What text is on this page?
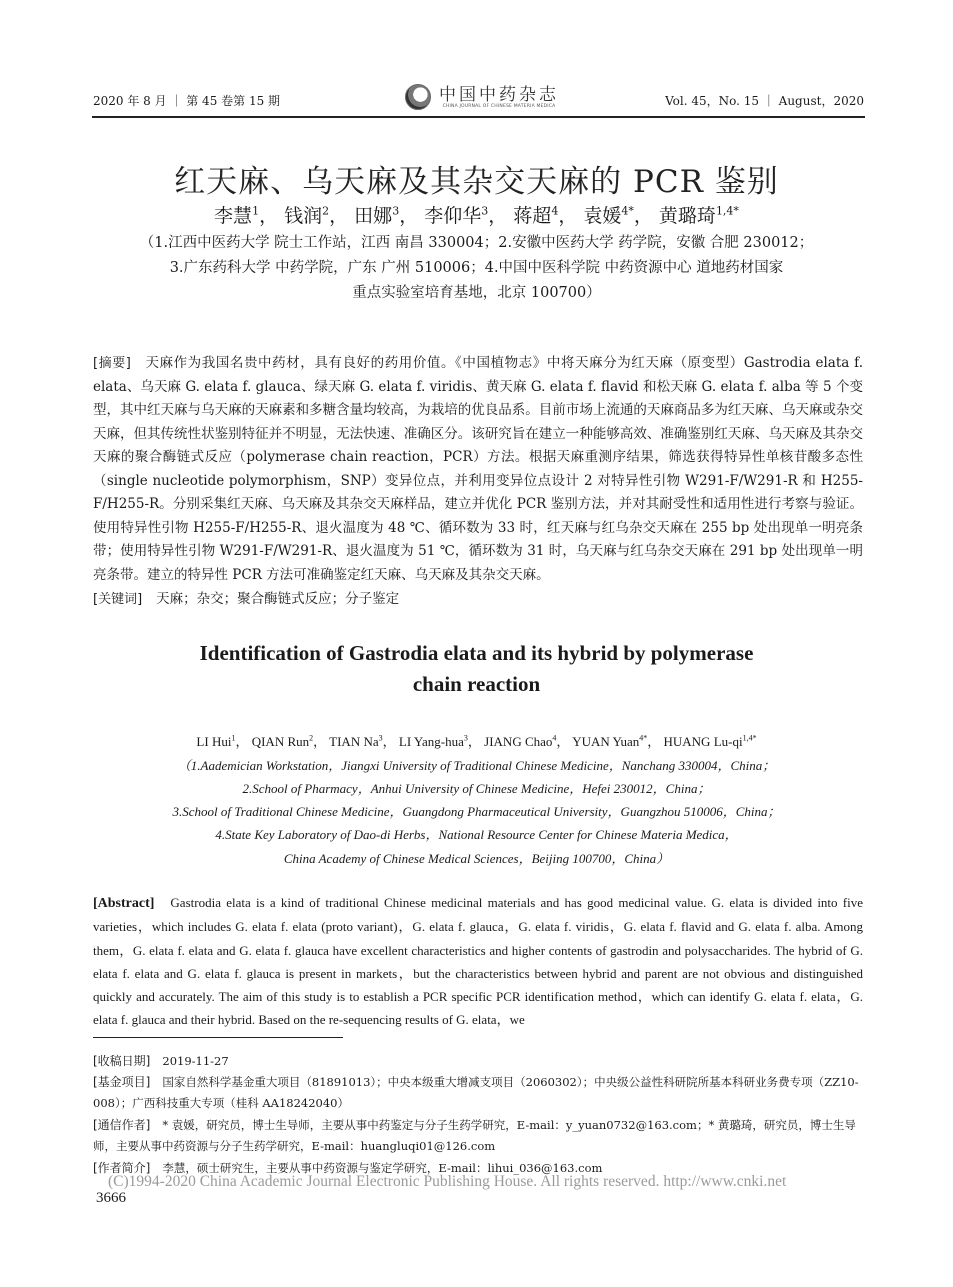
2020 年 8 月 ｜ 第 45 卷第 15 期	中国中药杂志
CHINA JOURNAL OF CHINESE MATERIA MEDICA	Vol. 45，No. 15 ｜ August，2020
红天麻、乌天麻及其杂交天麻的 PCR 鉴别
李慧$^1$， 钱润$^2$， 田娜$^3$， 李仰华$^3$， 蒋超$^4$， 袁媛$^{4*}$， 黄璐琦$^{1,4*}$
（1.江西中医药大学 院士工作站，江西 南昌 330004；2.安徽中医药大学 药学院，安徽 合肥 230012；
3.广东药科大学 中药学院，广东 广州 510006；4.中国中医科学院 中药资源中心 道地药材国家
重点实验室培育基地，北京 100700）
[摘要] 天麻作为我国名贵中药材，具有良好的药用价值。《中国植物志》中将天麻分为红天麻（原变型）Gastrodia elata f. elata、乌天麻 G. elata f. glauca、绿天麻 G. elata f. viridis、黄天麻 G. elata f. flavid 和松天麻 G. elata f. alba 等 5 个变型，其中红天麻与乌天麻的天麻素和多糖含量均较高，为栽培的优良品系。目前市场上流通的天麻商品多为红天麻、乌天麻或杂交天麻，但其传统性状鉴别特征并不明显，无法快速、准确区分。该研究旨在建立一种能够高效、准确鉴别红天麻、乌天麻及其杂交天麻的聚合酶链式反应（polymerase chain reaction，PCR）方法。根据天麻重测序结果，筛选获得特异性单核苷酸多态性（single nucleotide polymorphism，SNP）变异位点，并利用变异位点设计 2 对特异性引物 W291-F/W291-R 和 H255-F/H255-R。分别采集红天麻、乌天麻及其杂交天麻样品，建立并优化 PCR 鉴别方法，并对其耐受性和适用性进行考察与验证。使用特异性引物 H255-F/H255-R、退火温度为 48 ℃、循环数为 33 时，红天麻与红乌杂交天麻在 255 bp 处出现单一明亮条带；使用特异性引物 W291-F/W291-R、退火温度为 51 ℃，循环数为 31 时，乌天麻与红乌杂交天麻在 291 bp 处出现单一明亮条带。建立的特异性 PCR 方法可准确鉴定红天麻、乌天麻及其杂交天麻。
[关键词] 天麻；杂交；聚合酶链式反应；分子鉴定
Identification of Gastrodia elata and its hybrid by polymerase
chain reaction
LI Hui$^1$， QIAN Run$^2$， TIAN Na$^3$， LI Yang-hua$^3$， JIANG Chao$^4$， YUAN Yuan$^{4*}$， HUANG $Lu-qi^{1,4*}$
（1.Aademician Workstation，Jiangxi University of Traditional Chinese Medicine，Nanchang 330004，China；
2.School of Pharmacy，Anhui University of Chinese Medicine，Hefei 230012，China；
3.School of Traditional Chinese Medicine，Guangdong Pharmaceutical University，Guangzhou 510006，China；
4.State Key Laboratory of Dao-di Herbs，National Resource Center for Chinese Materia Medica，
China Academy of Chinese Medical Sciences，Beijing 100700，China）
[Abstract] Gastrodia elata is a kind of traditional Chinese medicinal materials and has good medicinal value. G. elata is divided into five varieties，which includes G. elata f. elata (proto variant)，G. elata f. glauca，G. elata f. viridis，G. elata f. flavid and G. elata f. alba. Among them，G. elata f. elata and G. elata f. glauca have excellent characteristics and higher contents of gastrodin and polysaccharides. The hybrid of G. elata f. elata and G. elata f. glauca is present in markets，but the characteristics between hybrid and parent are not obvious and distinguished quickly and accurately. The aim of this study is to establish a PCR specific PCR identification method，which can identify G. elata f. elata，G. elata f. glauca and their hybrid. Based on the re-sequencing results of G. elata，we
[收稿日期] 2019-11-27
[基金项目] 国家自然科学基金重大项目（81891013）；中央本级重大增减支项目（2060302）；中央级公益性科研院所基本科研业务费专项（ZZ10-008）；广西科技重大专项（桂科 AA18242040）
[通信作者] * 袁媛，研究员，博士生导师，主要从事中药鉴定与分子生药学研究，E-mail：y_yuan0732@163.com；* 黄璐琦，研究员，博士生导师，主要从事中药资源与分子生药学研究，E-mail：huangluqi01@126.com
[作者简介] 李慧，硕士研究生，主要从事中药资源与鉴定学研究，E-mail：lihui_036@163.com
(C)1994-2020 China Academic Journal Electronic Publishing House. All rights reserved. http://www.cnki.net
3666
